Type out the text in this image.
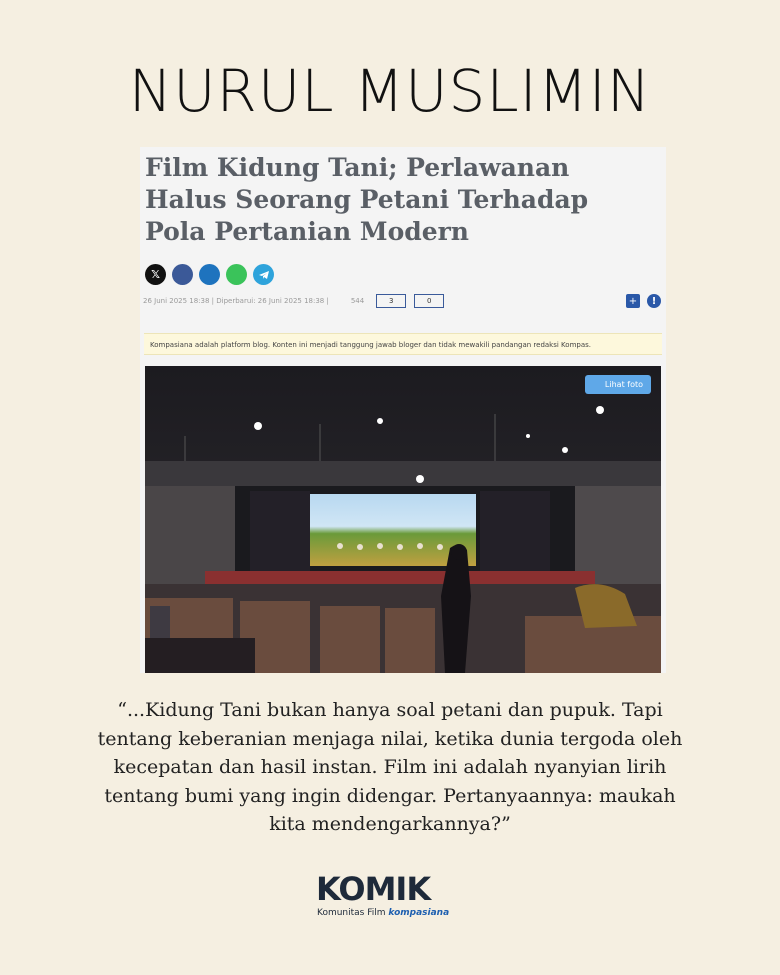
NURUL MUSLIMIN
Film Kidung Tani; Perlawanan Halus Seorang Petani Terhadap Pola Pertanian Modern
𝕏
26 Juni 2025 18:38 | Diperbarui: 26 Juni 2025 18:38 |	544	3	0	+	!
Kompasiana adalah platform blog. Konten ini menjadi tanggung jawab bloger dan tidak mewakili pandangan redaksi Kompas.
Lihat foto

“...Kidung Tani bukan hanya soal petani dan pupuk. Tapi tentang keberanian menjaga nilai, ketika dunia tergoda oleh kecepatan dan hasil instan. Film ini adalah nyanyian lirih tentang bumi yang ingin didengar. Pertanyaannya: maukah kita mendengarkannya?”

KOMIK
Komunitas Film kompasiana
